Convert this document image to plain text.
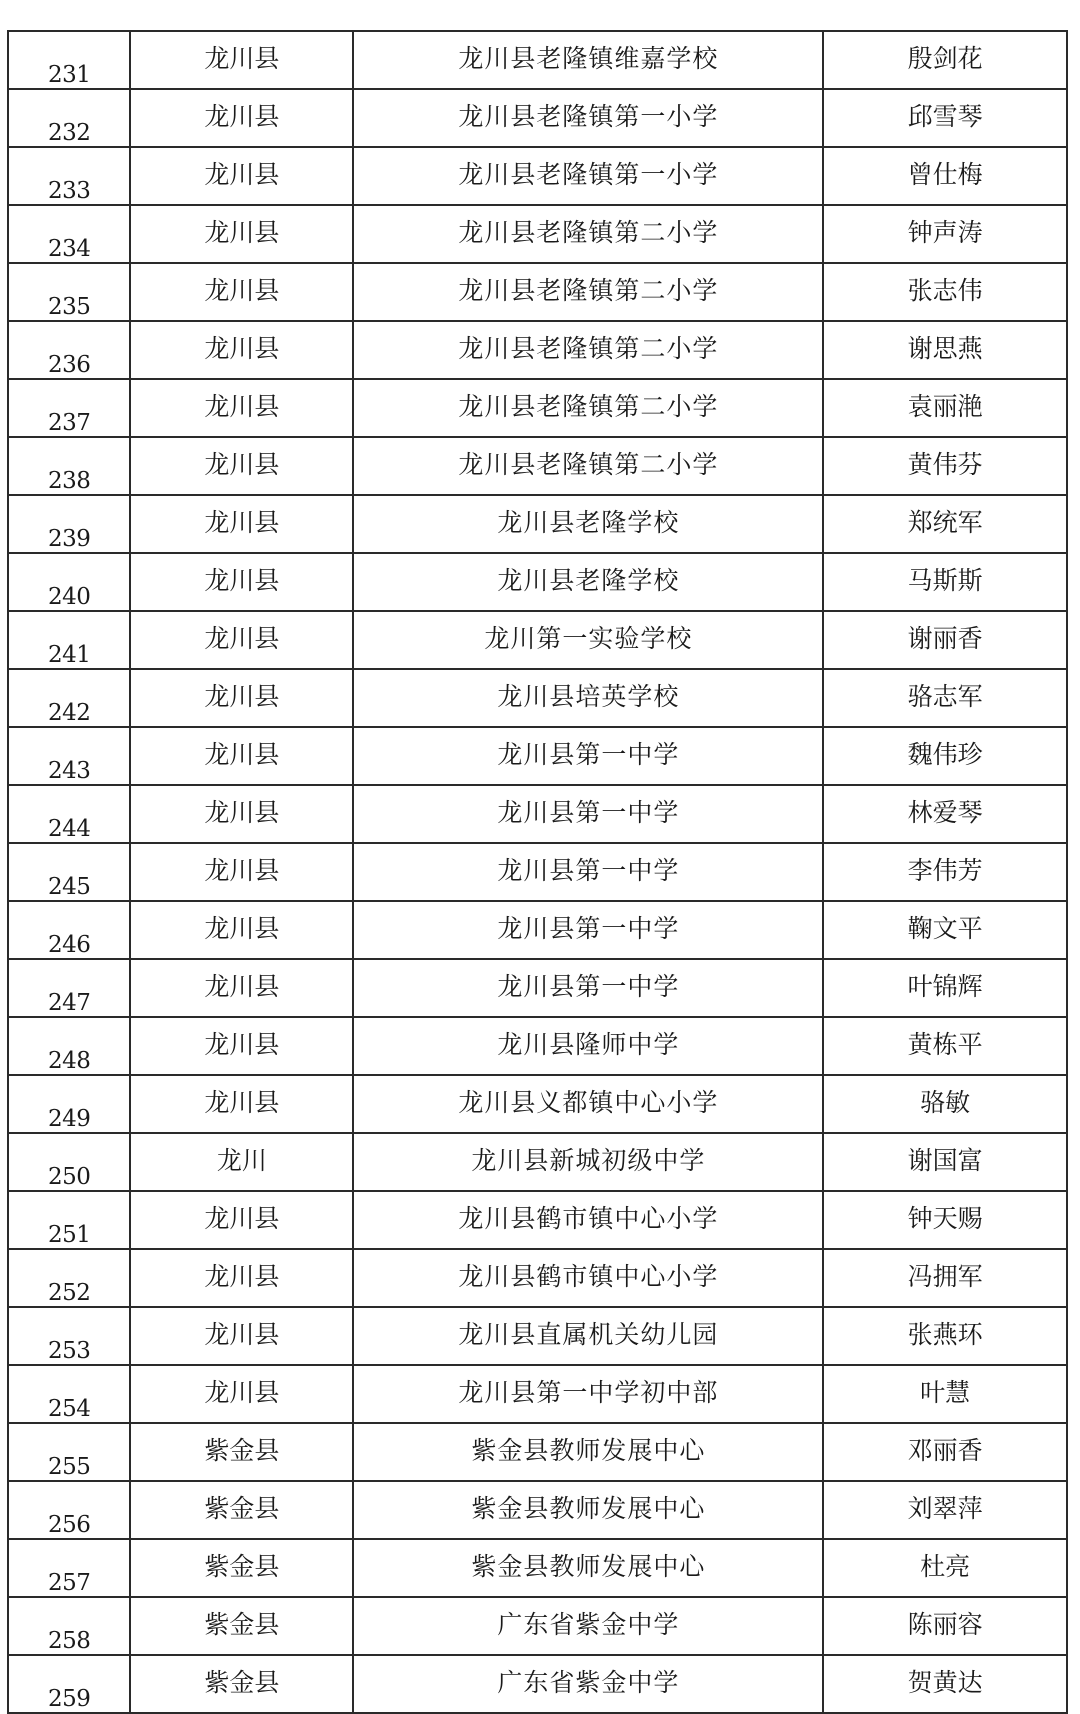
231	龙川县	龙川县老隆镇维嘉学校	殷剑花
232	龙川县	龙川县老隆镇第一小学	邱雪琴
233	龙川县	龙川县老隆镇第一小学	曾仕梅
234	龙川县	龙川县老隆镇第二小学	钟声涛
235	龙川县	龙川县老隆镇第二小学	张志伟
236	龙川县	龙川县老隆镇第二小学	谢思燕
237	龙川县	龙川县老隆镇第二小学	袁丽滟
238	龙川县	龙川县老隆镇第二小学	黄伟芬
239	龙川县	龙川县老隆学校	郑统军
240	龙川县	龙川县老隆学校	马斯斯
241	龙川县	龙川第一实验学校	谢丽香
242	龙川县	龙川县培英学校	骆志军
243	龙川县	龙川县第一中学	魏伟珍
244	龙川县	龙川县第一中学	林爱琴
245	龙川县	龙川县第一中学	李伟芳
246	龙川县	龙川县第一中学	鞠文平
247	龙川县	龙川县第一中学	叶锦辉
248	龙川县	龙川县隆师中学	黄栋平
249	龙川县	龙川县义都镇中心小学	骆敏
250	龙川	龙川县新城初级中学	谢国富
251	龙川县	龙川县鹤市镇中心小学	钟天赐
252	龙川县	龙川县鹤市镇中心小学	冯拥军
253	龙川县	龙川县直属机关幼儿园	张燕环
254	龙川县	龙川县第一中学初中部	叶慧
255	紫金县	紫金县教师发展中心	邓丽香
256	紫金县	紫金县教师发展中心	刘翠萍
257	紫金县	紫金县教师发展中心	杜亮
258	紫金县	广东省紫金中学	陈丽容
259	紫金县	广东省紫金中学	贺黄达
